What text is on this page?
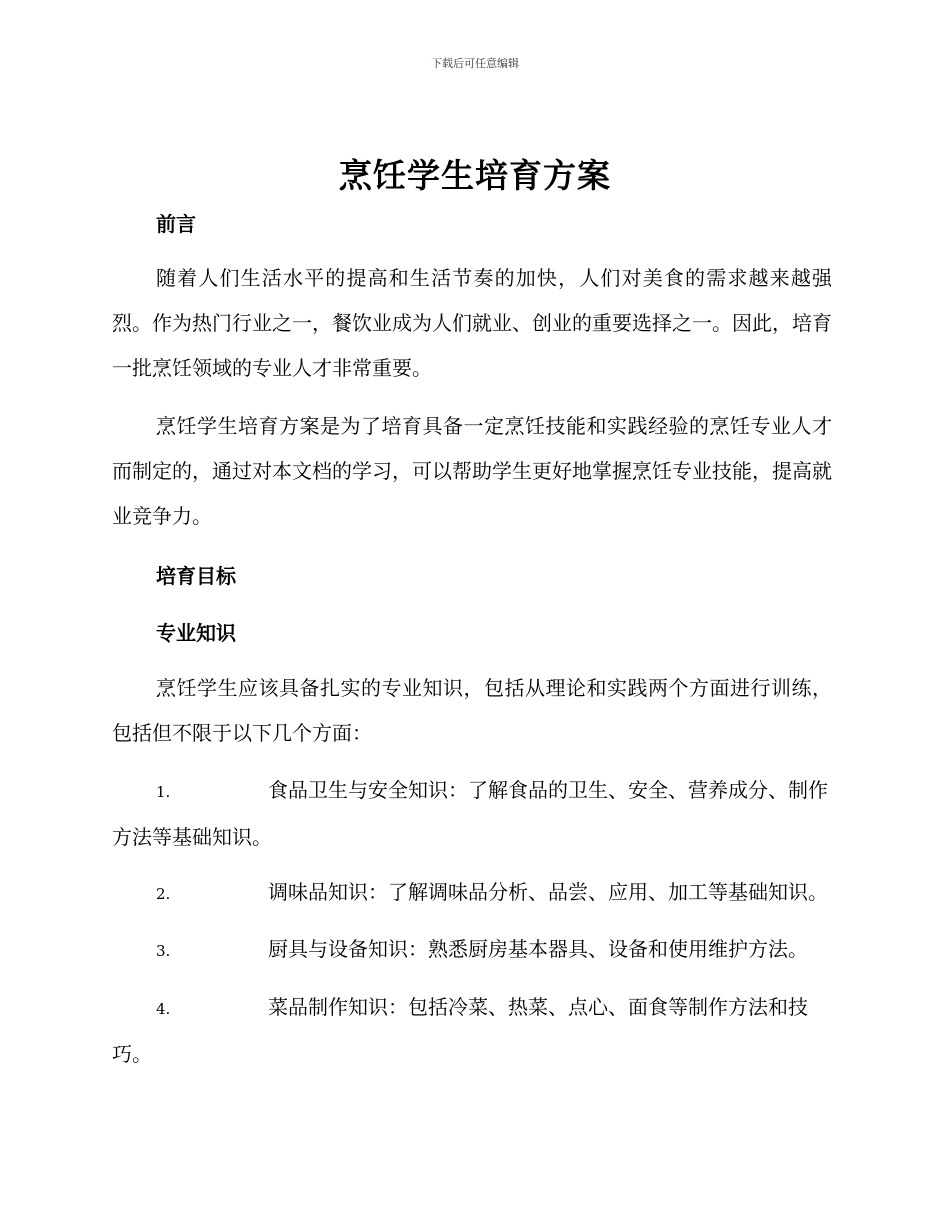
下载后可任意编辑
烹饪学生培育方案
前言

随着人们生活水平的提高和生活节奏的加快，人们对美食的需求越来越强烈。作为热门行业之一，餐饮业成为人们就业、创业的重要选择之一。因此，培育一批烹饪领域的专业人才非常重要。

烹饪学生培育方案是为了培育具备一定烹饪技能和实践经验的烹饪专业人才而制定的，通过对本文档的学习，可以帮助学生更好地掌握烹饪专业技能，提高就业竞争力。

培育目标
专业知识

烹饪学生应该具备扎实的专业知识，包括从理论和实践两个方面进行训练，包括但不限于以下几个方面：

1.	食品卫生与安全知识：了解食品的卫生、安全、营养成分、制作方法等基础知识。

2.	调味品知识：了解调味品分析、品尝、应用、加工等基础知识。

3.	厨具与设备知识：熟悉厨房基本器具、设备和使用维护方法。

4.	菜品制作知识：包括冷菜、热菜、点心、面食等制作方法和技巧。
